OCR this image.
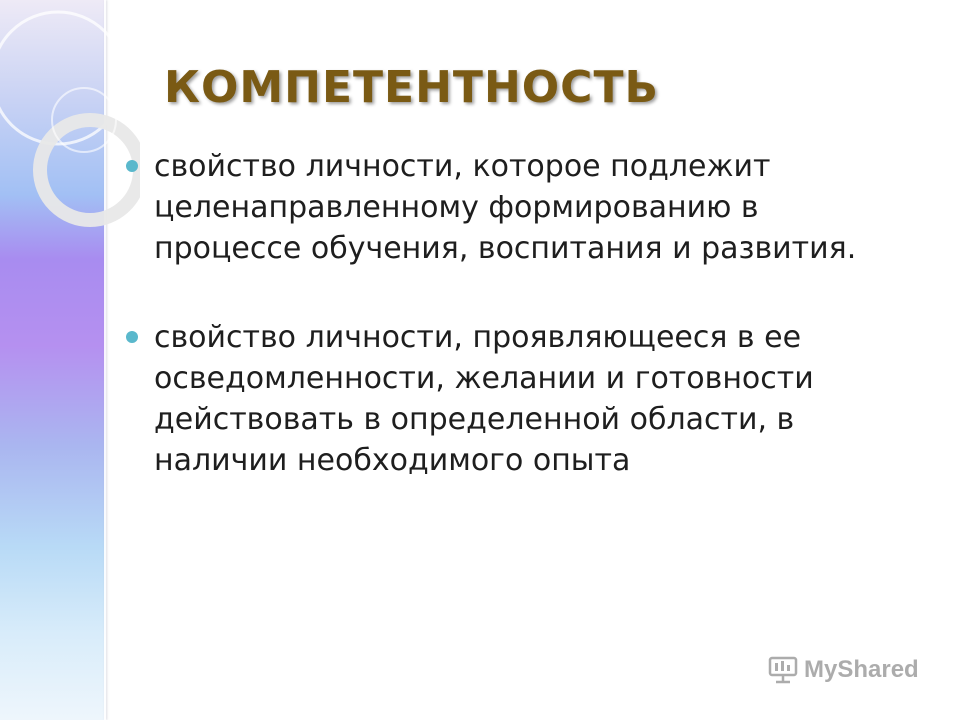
КОМПЕТЕНТНОСТЬ
свойство личности, которое подлежит целенаправленному формированию в процессе обучения, воспитания и развития.
свойство личности, проявляющееся в ее осведомленности, желании и готовности действовать в определенной области, в наличии необходимого опыта
MyShared
